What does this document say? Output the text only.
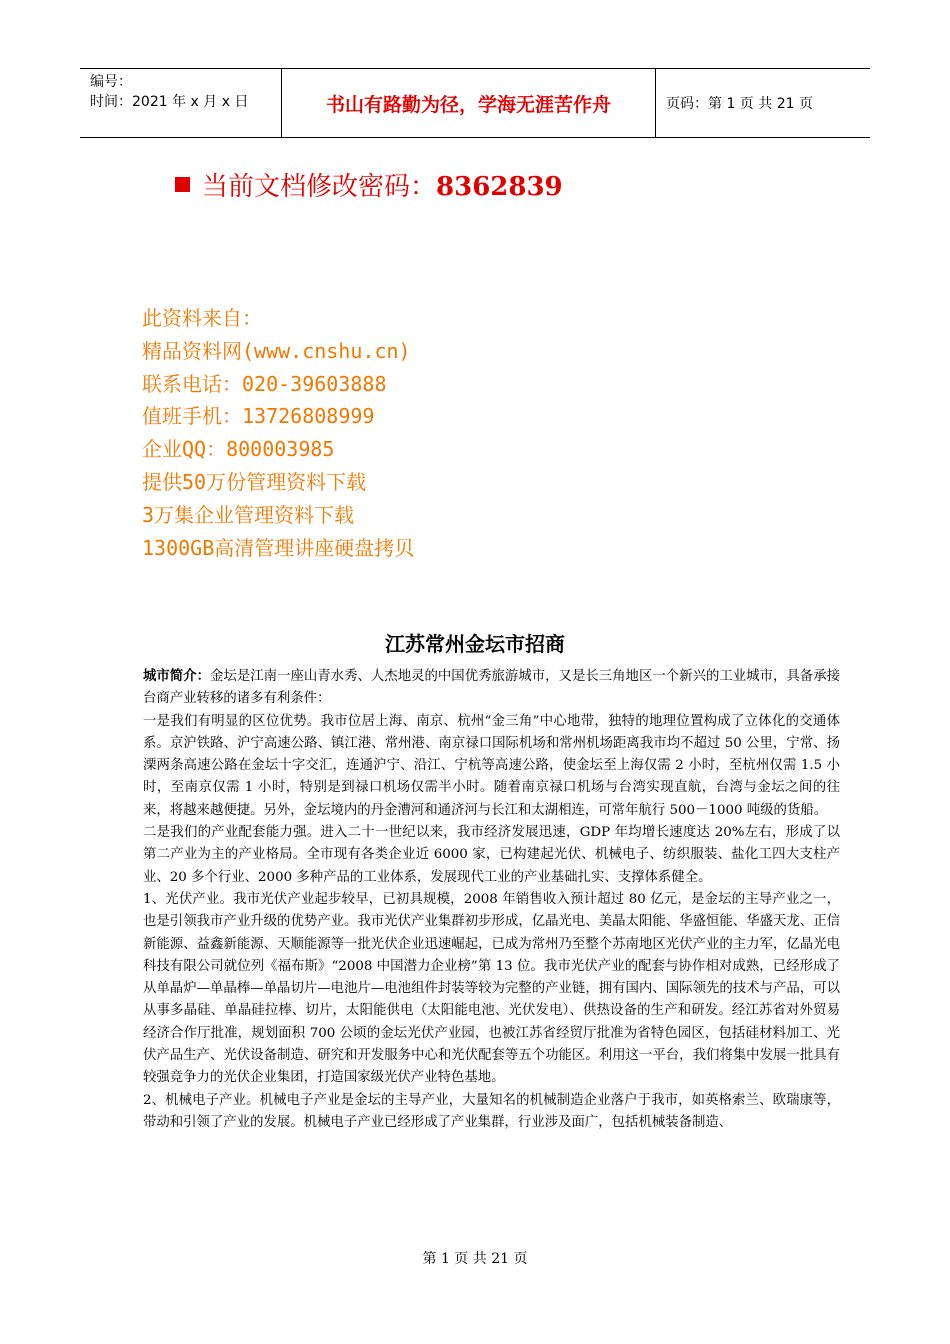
编号：
时间：2021 年 x 月 x 日	书山有路勤为径，学海无涯苦作舟	页码：第 1 页 共 21 页
当前文档修改密码：8362839
此资料来自：
精品资料网(www.cnshu.cn)
联系电话：020-39603888
值班手机：13726808999
企业QQ：800003985
提供50万份管理资料下载
3万集企业管理资料下载
1300GB高清管理讲座硬盘拷贝
江苏常州金坛市招商

城市简介：金坛是江南一座山青水秀、人杰地灵的中国优秀旅游城市，又是长三角地区一个新兴的工业城市，具备承接台商产业转移的诸多有利条件：

一是我们有明显的区位优势。我市位居上海、南京、杭州“金三角”中心地带，独特的地理位置构成了立体化的交通体系。京沪铁路、沪宁高速公路、镇江港、常州港、南京禄口国际机场和常州机场距离我市均不超过 50 公里，宁常、扬溧两条高速公路在金坛十字交汇，连通沪宁、沿江、宁杭等高速公路，使金坛至上海仅需 2 小时，至杭州仅需 1.5 小时，至南京仅需 1 小时，特别是到禄口机场仅需半小时。随着南京禄口机场与台湾实现直航，台湾与金坛之间的往来，将越来越便捷。另外，金坛境内的丹金漕河和通济河与长江和太湖相连，可常年航行 500－1000 吨级的货船。

二是我们的产业配套能力强。进入二十一世纪以来，我市经济发展迅速，GDP 年均增长速度达 20%左右，形成了以第二产业为主的产业格局。全市现有各类企业近 6000 家，已构建起光伏、机械电子、纺织服装、盐化工四大支柱产业、20 多个行业、2000 多种产品的工业体系，发展现代工业的产业基础扎实、支撑体系健全。

1、光伏产业。我市光伏产业起步较早，已初具规模，2008 年销售收入预计超过 80 亿元，是金坛的主导产业之一，也是引领我市产业升级的优势产业。我市光伏产业集群初步形成，亿晶光电、美晶太阳能、华盛恒能、华盛天龙、正信新能源、益鑫新能源、天顺能源等一批光伏企业迅速崛起，已成为常州乃至整个苏南地区光伏产业的主力军，亿晶光电科技有限公司就位列《福布斯》“2008 中国潜力企业榜”第 13 位。我市光伏产业的配套与协作相对成熟，已经形成了从单晶炉—单晶棒—单晶切片—电池片—电池组件封装等较为完整的产业链，拥有国内、国际领先的技术与产品，可以从事多晶硅、单晶硅拉棒、切片，太阳能供电（太阳能电池、光伏发电）、供热设备的生产和研发。经江苏省对外贸易经济合作厅批准，规划面积 700 公顷的金坛光伏产业园，也被江苏省经贸厅批准为省特色园区，包括硅材料加工、光伏产品生产、光伏设备制造、研究和开发服务中心和光伏配套等五个功能区。利用这一平台，我们将集中发展一批具有较强竞争力的光伏企业集团，打造国家级光伏产业特色基地。

2、机械电子产业。机械电子产业是金坛的主导产业，大量知名的机械制造企业落户于我市，如英格索兰、欧瑞康等，带动和引领了产业的发展。机械电子产业已经形成了产业集群，行业涉及面广，包括机械装备制造、

第 1 页 共 21 页
